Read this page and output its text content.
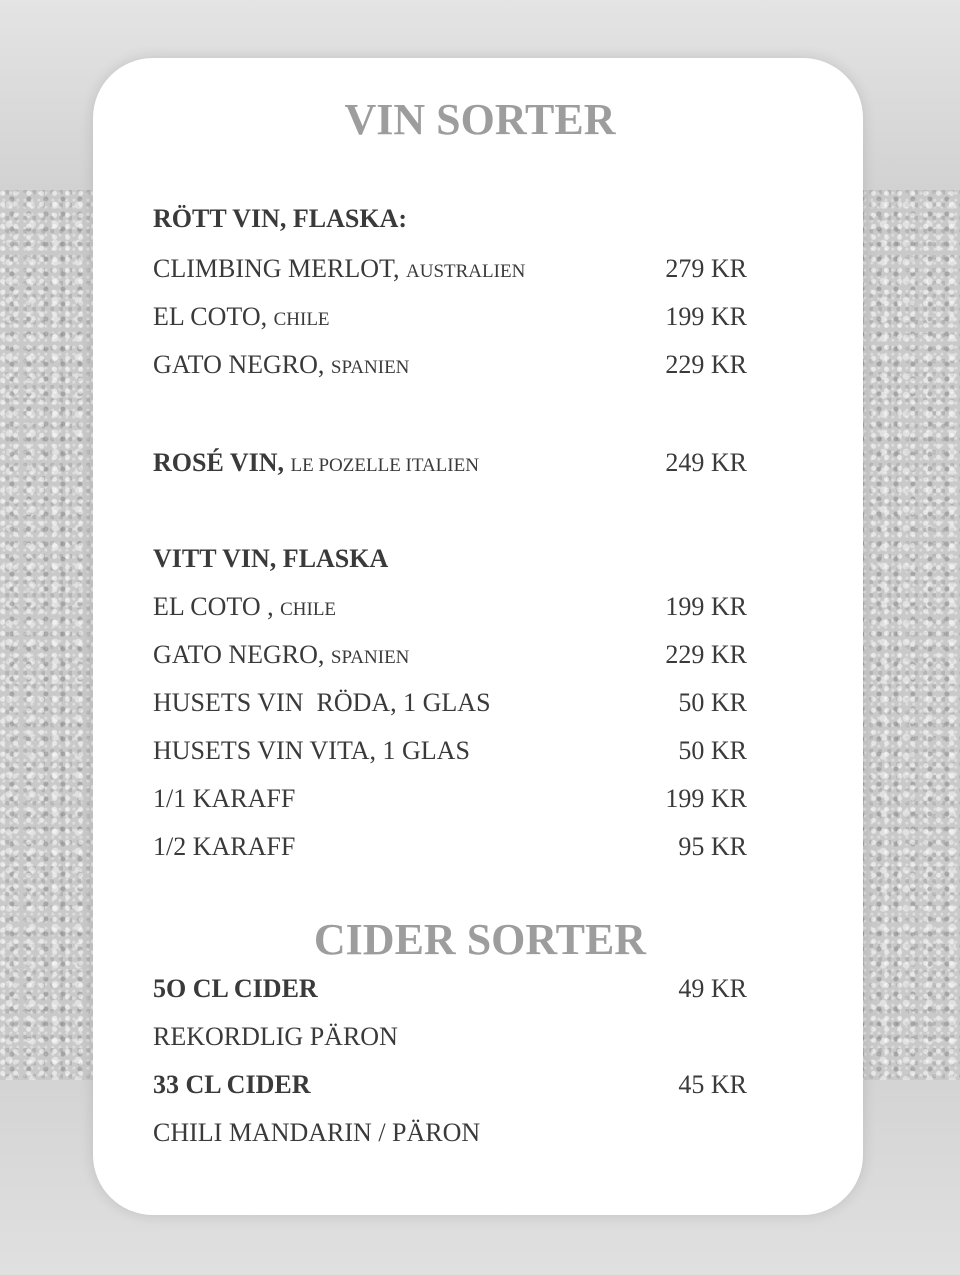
VIN SORTER
RÖTT VIN, FLASKA:
CLIMBING MERLOT, AUSTRALIEN	279 KR
EL COTO, CHILE	199 KR
GATO NEGRO, SPANIEN	229 KR
ROSÉ VIN, LE POZELLE ITALIEN	249 KR
VITT VIN, FLASKA
EL COTO , CHILE	199 KR
GATO NEGRO, SPANIEN	229 KR
HUSETS VIN  RÖDA, 1 GLAS	50 KR
HUSETS VIN VITA, 1 GLAS	50 KR
1/1 KARAFF	199 KR
1/2 KARAFF	95 KR
CIDER SORTER
5O CL CIDER	49 KR
REKORDLIG PÄRON
33 CL CIDER	45 KR
CHILI MANDARIN / PÄRON
